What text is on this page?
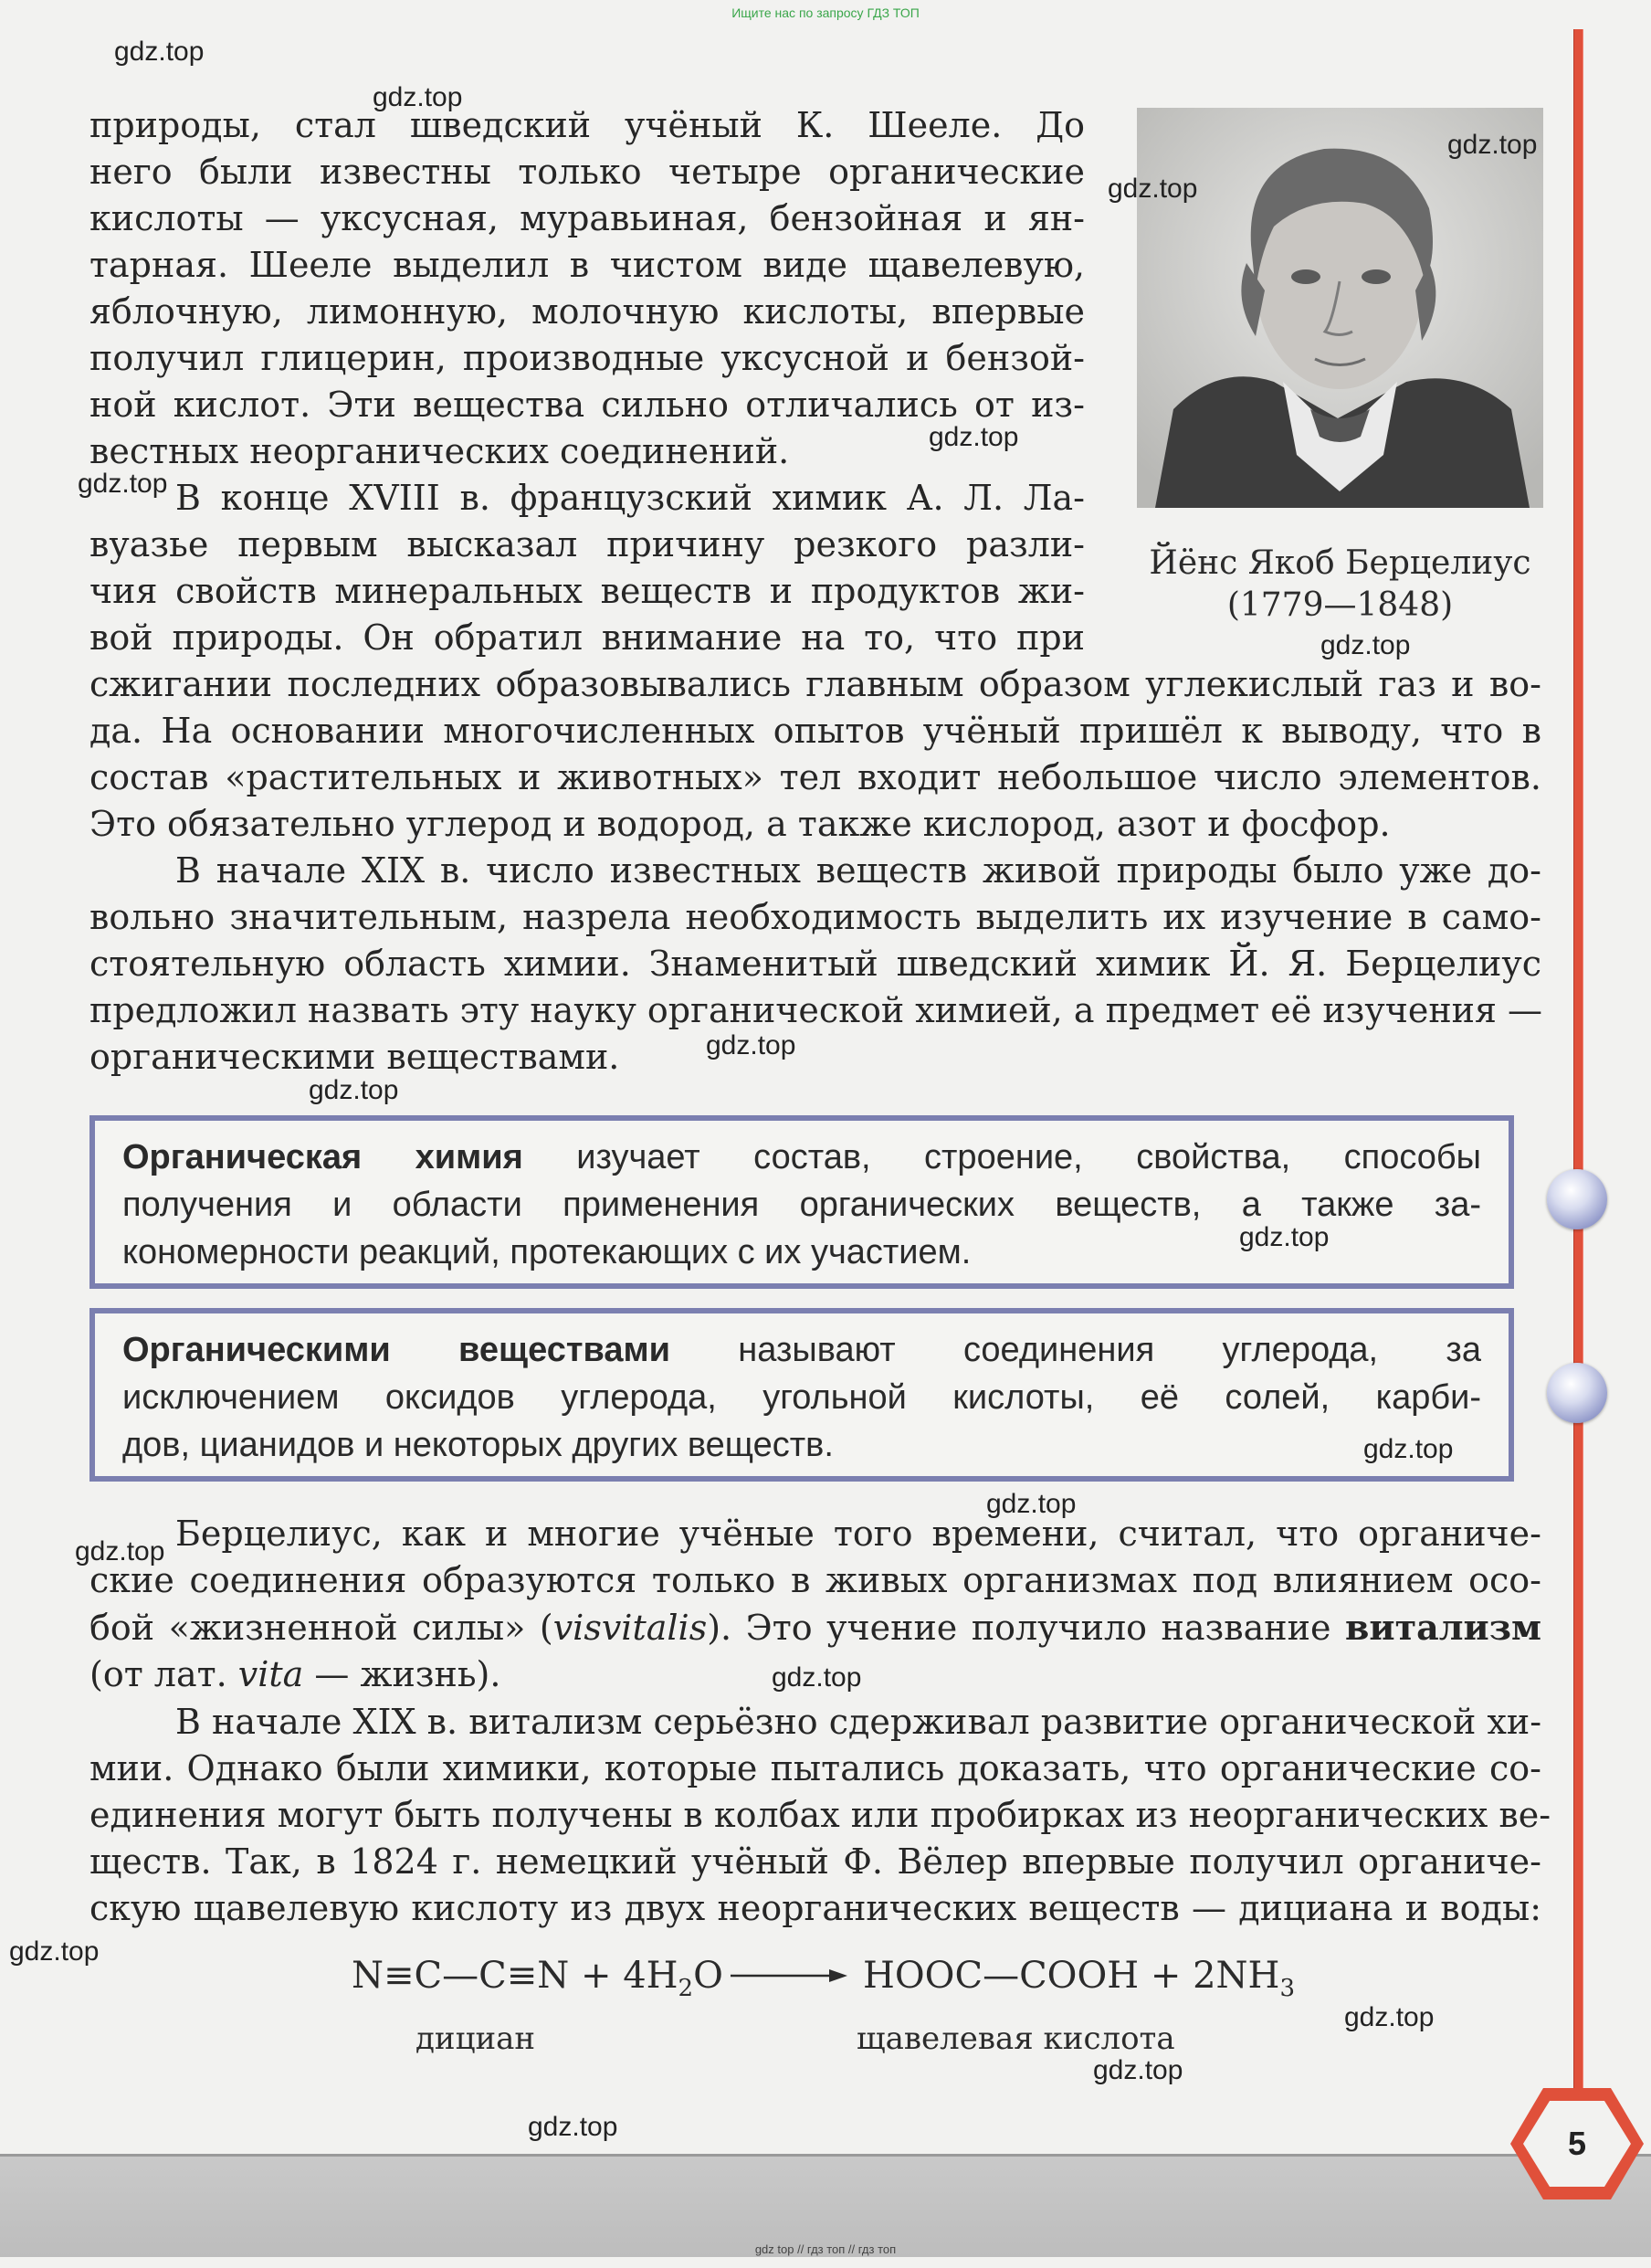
Ищите нас по запросу ГДЗ ТОП
Йёнс Якоб Берцелиус
(1779—1848)
природы, стал шведский учёный К. Шееле. До
него были известны только четыре органические
кислоты — уксусная, муравьиная, бензойная и ян-
тарная. Шееле выделил в чистом виде щавелевую,
яблочную, лимонную, молочную кислоты, впервые
получил глицерин, производные уксусной и бензой-
ной кислот. Эти вещества сильно отличались от из-
вестных неорганических соединений.
В конце XVIII в. французский химик А. Л. Ла-
вуазье первым высказал причину резкого разли-
чия свойств минеральных веществ и продуктов жи-
вой природы. Он обратил внимание на то, что при
сжигании последних образовывались главным образом углекислый газ и во-
да. На основании многочисленных опытов учёный пришёл к выводу, что в
состав «растительных и животных» тел входит небольшое число элементов.
Это обязательно углерод и водород, а также кислород, азот и фосфор.
В начале XIX в. число известных веществ живой природы было уже до-
вольно значительным, назрела необходимость выделить их изучение в само-
стоятельную область химии. Знаменитый шведский химик Й. Я. Берцелиус
предложил назвать эту науку органической химией, а предмет её изучения —
органическими веществами.
Органическая химия изучает состав, строение, свойства, способы
получения и области применения органических веществ, а также за-
кономерности реакций, протекающих с их участием.
Органическими веществами называют соединения углерода, за
исключением оксидов углерода, угольной кислоты, её солей, карби-
дов, цианидов и некоторых других веществ.
Берцелиус, как и многие учёные того времени, считал, что органиче-
ские соединения образуются только в живых организмах под влиянием осо-
бой «жизненной силы» (visvitalis). Это учение получило название витализм
(от лат. vita — жизнь).
В начале XIX в. витализм серьёзно сдерживал развитие органической хи-
мии. Однако были химики, которые пытались доказать, что органические со-
единения могут быть получены в колбах или пробирках из неорганических ве-
ществ. Так, в 1824 г. немецкий учёный Ф. Вёлер впервые получил органиче-
скую щавелевую кислоту из двух неорганических веществ — дициана и воды:
N≡C—C≡N + $4H_2O$ → HOOC—COOH + $2NH_3$
дициан	щавелевая кислота
5
gdz top // гдз топ // гдз топ
gdz.top
gdz.top
gdz.top
gdz.top
gdz.top
gdz.top
gdz.top
gdz.top
gdz.top
gdz.top
gdz.top
gdz.top
gdz.top
gdz.top
gdz.top
gdz.top
gdz.top
gdz.top
